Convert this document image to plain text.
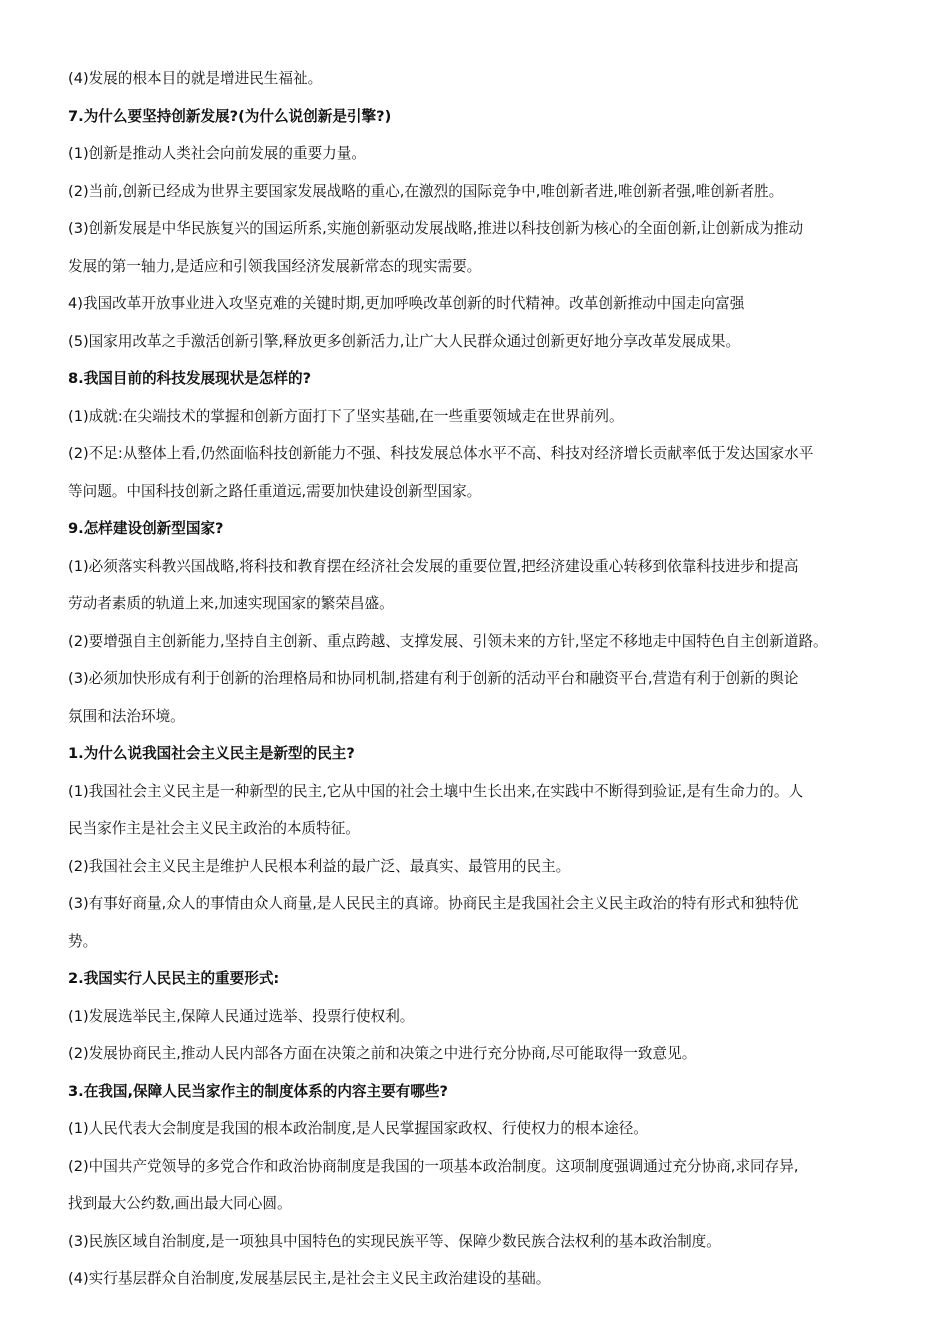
(4)发展的根本目的就是增进民生福祉。
7.为什么要坚持创新发展?(为什么说创新是引擎?)
(1)创新是推动人类社会向前发展的重要力量。
(2)当前,创新已经成为世界主要国家发展战略的重心,在激烈的国际竞争中,唯创新者进,唯创新者强,唯创新者胜。
(3)创新发展是中华民族复兴的国运所系,实施创新驱动发展战略,推进以科技创新为核心的全面创新,让创新成为推动
发展的第一轴力,是适应和引领我国经济发展新常态的现实需要。
4)我国改革开放事业进入攻坚克难的关键时期,更加呼唤改革创新的时代精神。改革创新推动中国走向富强
(5)国家用改革之手激活创新引擎,释放更多创新活力,让广大人民群众通过创新更好地分享改革发展成果。
8.我国目前的科技发展现状是怎样的?
(1)成就:在尖端技术的掌握和创新方面打下了坚实基础,在一些重要领域走在世界前列。
(2)不足:从整体上看,仍然面临科技创新能力不强、科技发展总体水平不高、科技对经济增长贡献率低于发达国家水平
等问题。中国科技创新之路任重道远,需要加快建设创新型国家。
9.怎样建设创新型国家?
(1)必须落实科教兴国战略,将科技和教育摆在经济社会发展的重要位置,把经济建设重心转移到依靠科技进步和提高
劳动者素质的轨道上来,加速实现国家的繁荣昌盛。
(2)要增强自主创新能力,坚持自主创新、重点跨越、支撑发展、引领未来的方针,坚定不移地走中国特色自主创新道路。
(3)必须加快形成有利于创新的治理格局和协同机制,搭建有利于创新的活动平台和融资平台,营造有利于创新的舆论
氛围和法治环境。
1.为什么说我国社会主义民主是新型的民主?
(1)我国社会主义民主是一种新型的民主,它从中国的社会土壤中生长出来,在实践中不断得到验证,是有生命力的。人
民当家作主是社会主义民主政治的本质特征。
(2)我国社会主义民主是维护人民根本利益的最广泛、最真实、最管用的民主。
(3)有事好商量,众人的事情由众人商量,是人民民主的真谛。协商民主是我国社会主义民主政治的特有形式和独特优
势。
2.我国实行人民民主的重要形式:
(1)发展选举民主,保障人民通过选举、投票行使权利。
(2)发展协商民主,推动人民内部各方面在决策之前和决策之中进行充分协商,尽可能取得一致意见。
3.在我国,保障人民当家作主的制度体系的内容主要有哪些?
(1)人民代表大会制度是我国的根本政治制度,是人民掌握国家政权、行使权力的根本途径。
(2)中国共产党领导的多党合作和政治协商制度是我国的一项基本政治制度。这项制度强调通过充分协商,求同存异,
找到最大公约数,画出最大同心圆。
(3)民族区域自治制度,是一项独具中国特色的实现民族平等、保障少数民族合法权利的基本政治制度。
(4)实行基层群众自治制度,发展基层民主,是社会主义民主政治建设的基础。
